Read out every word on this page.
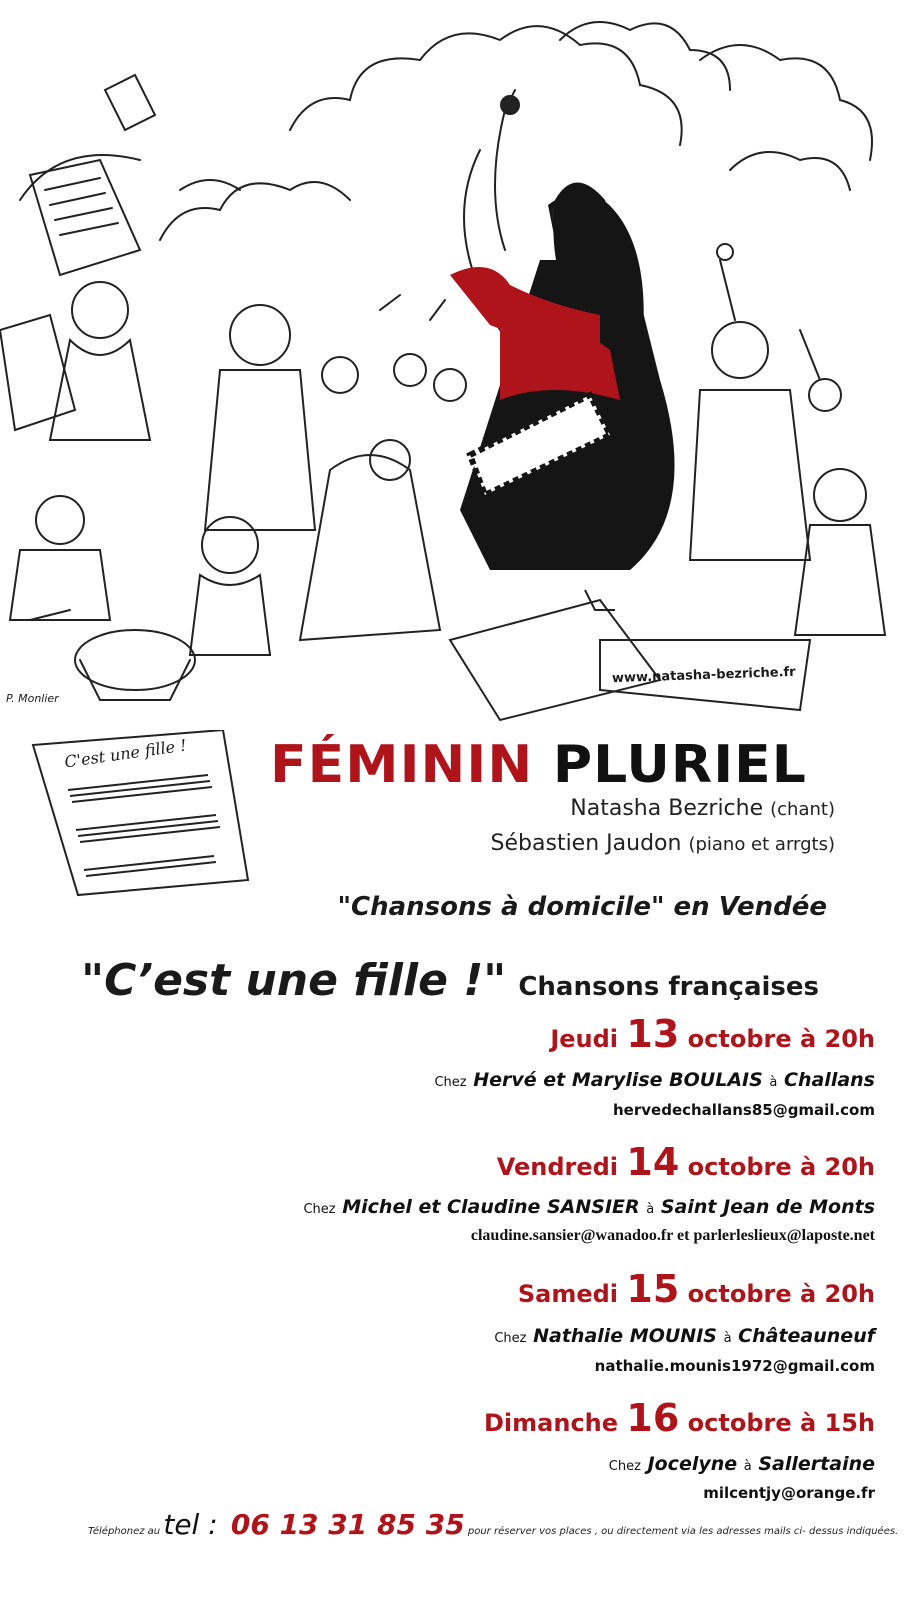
www.natasha-bezriche.fr
P. Monlier
C'est une fille ! FÉMININ PLURIEL
Natasha Bezriche (chant)
Sébastien Jaudon (piano et arrgts)
"Chansons à domicile" en Vendée
"C’est une fille !" Chansons françaises
Jeudi 13 octobre à 20h
Chez Hervé et Marylise BOULAIS à Challans
hervedechallans85@gmail.com
Vendredi 14 octobre à 20h
Chez Michel et Claudine SANSIER à Saint Jean de Monts
claudine.sansier@wanadoo.fr et parlerleslieux@laposte.net
Samedi 15 octobre à 20h
Chez Nathalie MOUNIS à Châteauneuf
nathalie.mounis1972@gmail.com
Dimanche 16 octobre à 15h
Chez Jocelyne à Sallertaine
milcentjy@orange.fr
Téléphonez au tel : 06 13 31 85 35 pour réserver vos places , ou directement via les adresses mails ci- dessus indiquées.
